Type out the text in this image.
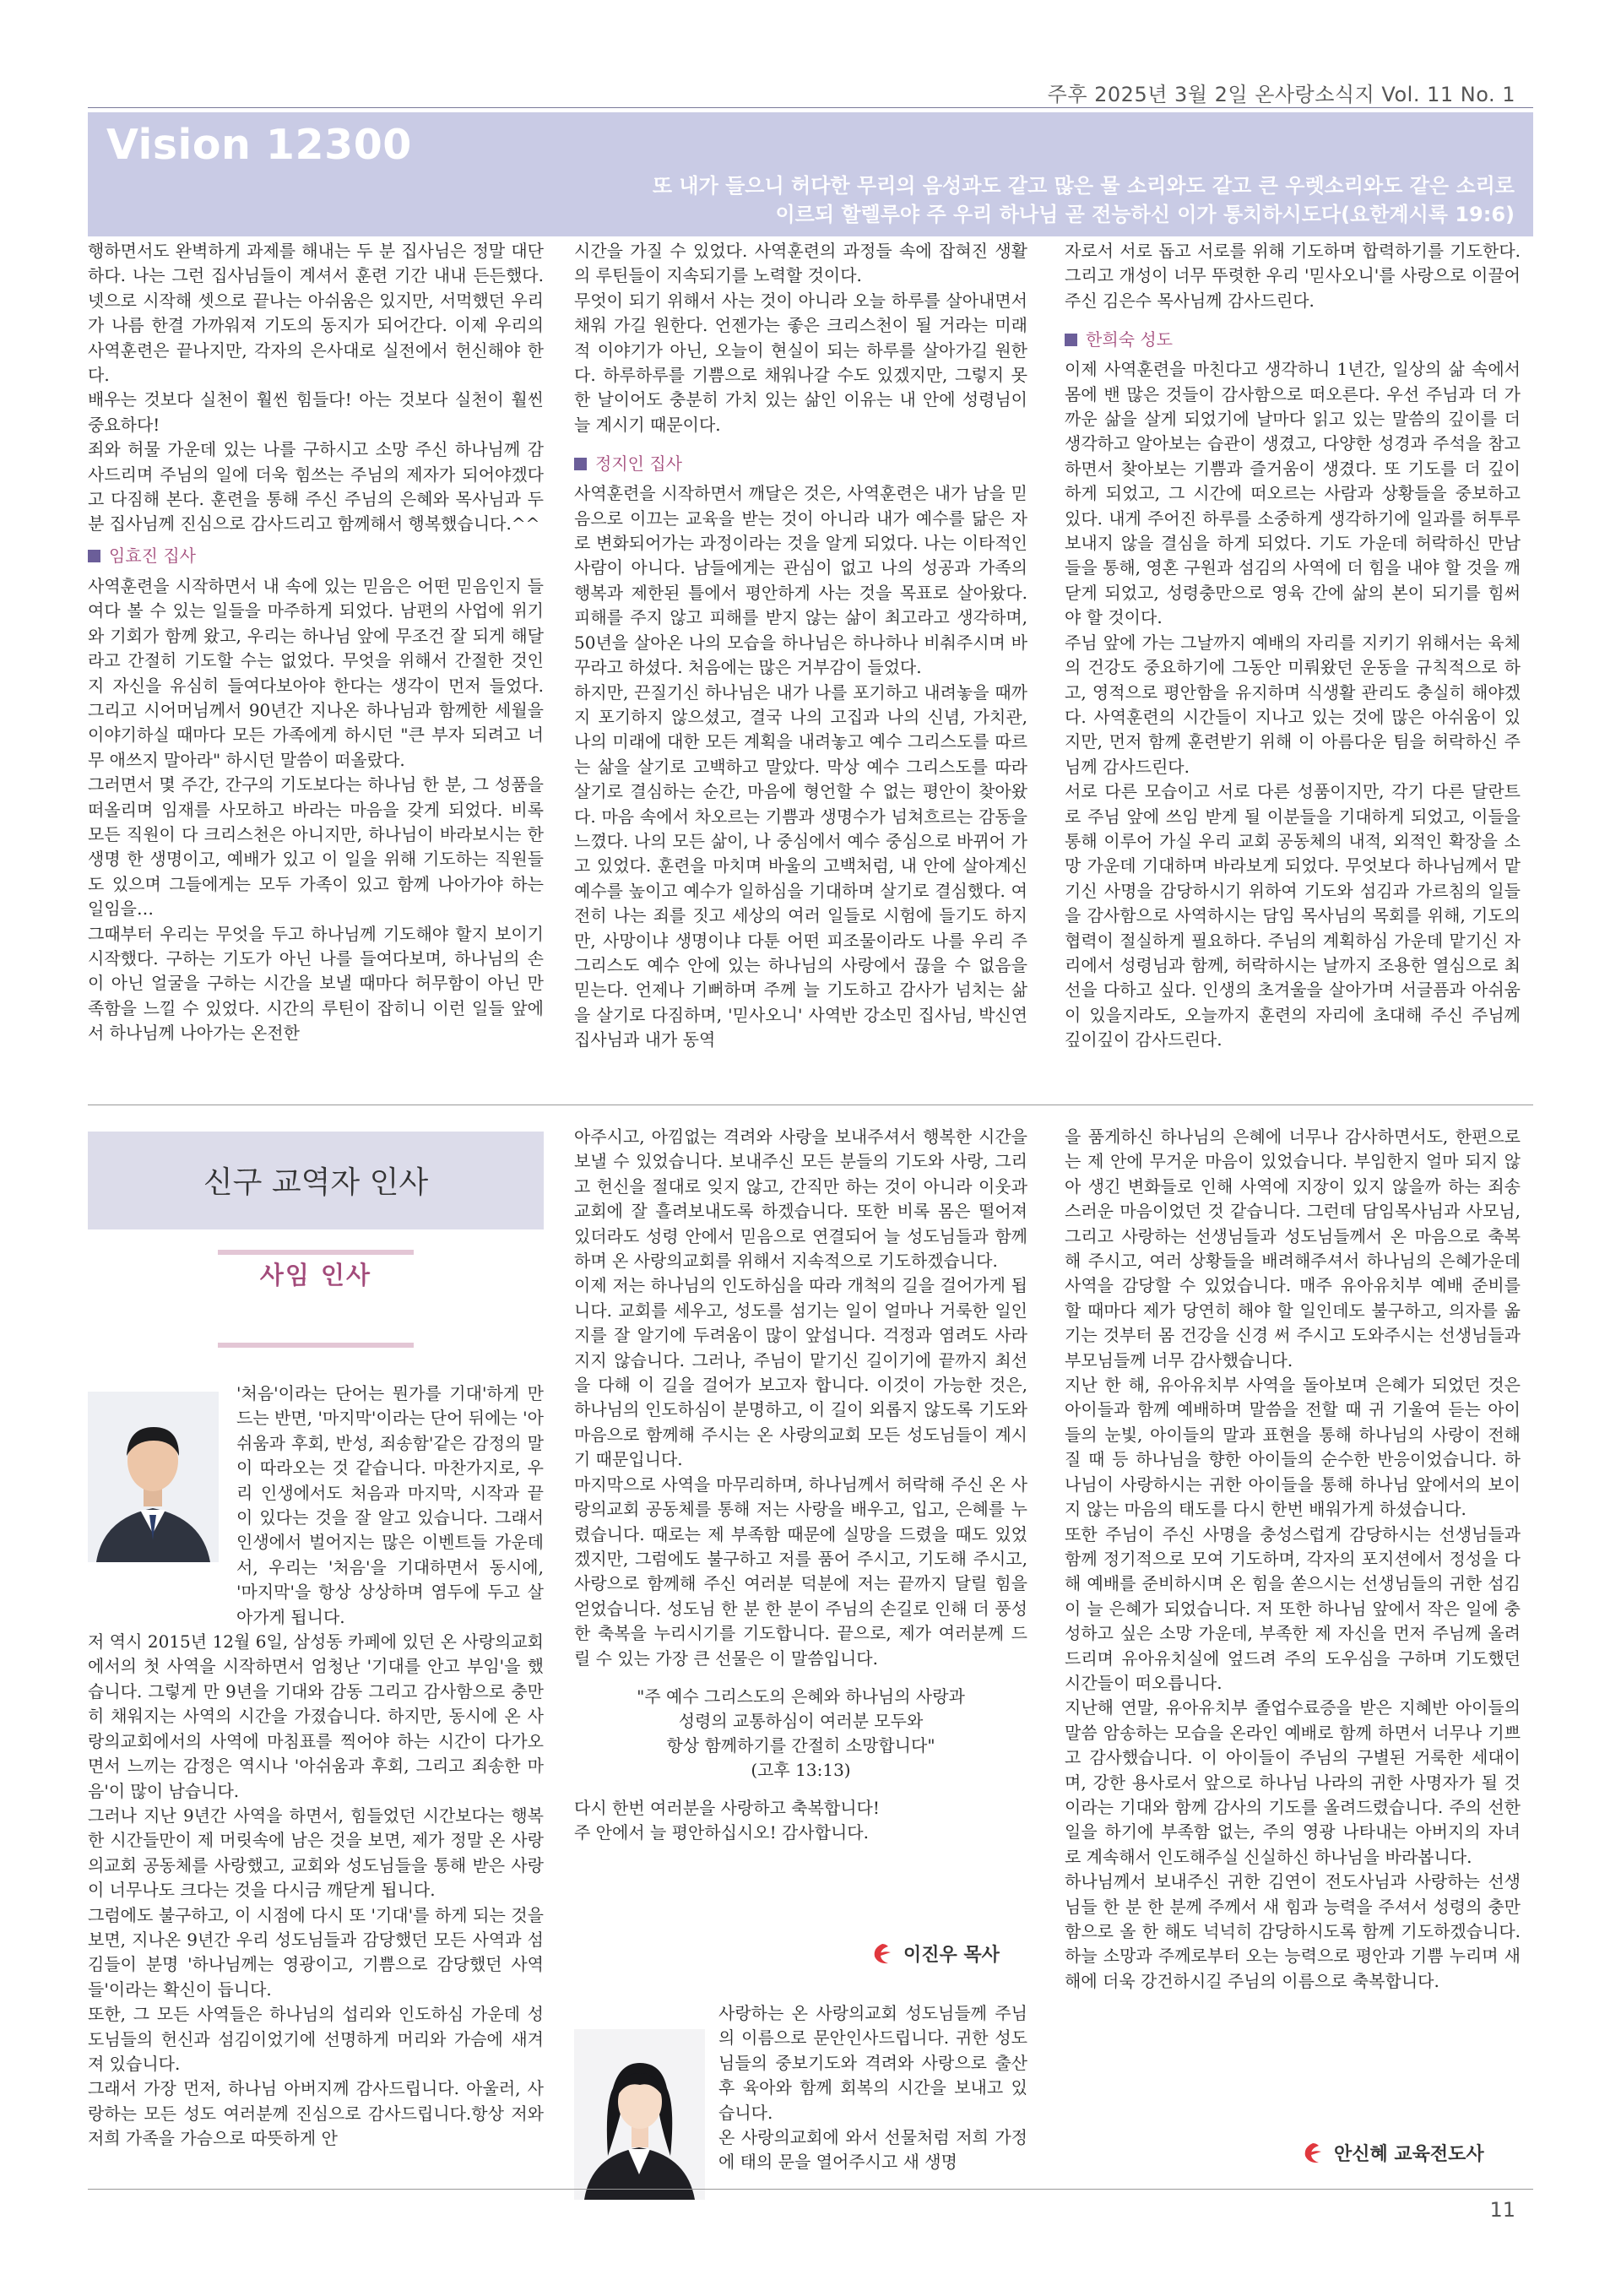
주후 2025년 3월 2일 온사랑소식지 Vol. 11 No. 1
Vision 12300
또 내가 들으니 허다한 무리의 음성과도 같고 많은 물 소리와도 같고 큰 우렛소리와도 같은 소리로
이르되 할렐루야 주 우리 하나님 곧 전능하신 이가 통치하시도다(요한계시록 19:6)

행하면서도 완벽하게 과제를 해내는 두 분 집사님은 정말 대단하다. 나는 그런 집사님들이 계셔서 훈련 기간 내내 든든했다. 넷으로 시작해 셋으로 끝나는 아쉬움은 있지만, 서먹했던 우리가 나름 한결 가까워져 기도의 동지가 되어간다. 이제 우리의 사역훈련은 끝나지만, 각자의 은사대로 실전에서 헌신해야 한다.

배우는 것보다 실천이 훨씬 힘들다! 아는 것보다 실천이 훨씬 중요하다!

죄와 허물 가운데 있는 나를 구하시고 소망 주신 하나님께 감사드리며 주님의 일에 더욱 힘쓰는 주님의 제자가 되어야겠다고 다짐해 본다. 훈련을 통해 주신 주님의 은혜와 목사님과 두 분 집사님께 진심으로 감사드리고 함께해서 행복했습니다.^^

임효진 집사

사역훈련을 시작하면서 내 속에 있는 믿음은 어떤 믿음인지 들여다 볼 수 있는 일들을 마주하게 되었다. 남편의 사업에 위기와 기회가 함께 왔고, 우리는 하나님 앞에 무조건 잘 되게 해달라고 간절히 기도할 수는 없었다. 무엇을 위해서 간절한 것인지 자신을 유심히 들여다보아야 한다는 생각이 먼저 들었다. 그리고 시어머님께서 90년간 지나온 하나님과 함께한 세월을 이야기하실 때마다 모든 가족에게 하시던 "큰 부자 되려고 너무 애쓰지 말아라" 하시던 말씀이 떠올랐다.

그러면서 몇 주간, 간구의 기도보다는 하나님 한 분, 그 성품을 떠올리며 임재를 사모하고 바라는 마음을 갖게 되었다. 비록 모든 직원이 다 크리스천은 아니지만, 하나님이 바라보시는 한 생명 한 생명이고, 예배가 있고 이 일을 위해 기도하는 직원들도 있으며 그들에게는 모두 가족이 있고 함께 나아가야 하는 일임을…

그때부터 우리는 무엇을 두고 하나님께 기도해야 할지 보이기 시작했다. 구하는 기도가 아닌 나를 들여다보며, 하나님의 손이 아닌 얼굴을 구하는 시간을 보낼 때마다 허무함이 아닌 만족함을 느낄 수 있었다. 시간의 루틴이 잡히니 이런 일들 앞에서 하나님께 나아가는 온전한

시간을 가질 수 있었다. 사역훈련의 과정들 속에 잡혀진 생활의 루틴들이 지속되기를 노력할 것이다.

무엇이 되기 위해서 사는 것이 아니라 오늘 하루를 살아내면서 채워 가길 원한다. 언젠가는 좋은 크리스천이 될 거라는 미래적 이야기가 아닌, 오늘이 현실이 되는 하루를 살아가길 원한다. 하루하루를 기쁨으로 채워나갈 수도 있겠지만, 그렇지 못한 날이어도 충분히 가치 있는 삶인 이유는 내 안에 성령님이 늘 계시기 때문이다.

정지인 집사

사역훈련을 시작하면서 깨달은 것은, 사역훈련은 내가 남을 믿음으로 이끄는 교육을 받는 것이 아니라 내가 예수를 닮은 자로 변화되어가는 과정이라는 것을 알게 되었다. 나는 이타적인 사람이 아니다. 남들에게는 관심이 없고 나의 성공과 가족의 행복과 제한된 틀에서 평안하게 사는 것을 목표로 살아왔다. 피해를 주지 않고 피해를 받지 않는 삶이 최고라고 생각하며, 50년을 살아온 나의 모습을 하나님은 하나하나 비춰주시며 바꾸라고 하셨다. 처음에는 많은 거부감이 들었다.

하지만, 끈질기신 하나님은 내가 나를 포기하고 내려놓을 때까지 포기하지 않으셨고, 결국 나의 고집과 나의 신념, 가치관, 나의 미래에 대한 모든 계획을 내려놓고 예수 그리스도를 따르는 삶을 살기로 고백하고 말았다. 막상 예수 그리스도를 따라 살기로 결심하는 순간, 마음에 형언할 수 없는 평안이 찾아왔다. 마음 속에서 차오르는 기쁨과 생명수가 넘쳐흐르는 감동을 느꼈다. 나의 모든 삶이, 나 중심에서 예수 중심으로 바뀌어 가고 있었다. 훈련을 마치며 바울의 고백처럼, 내 안에 살아계신 예수를 높이고 예수가 일하심을 기대하며 살기로 결심했다. 여전히 나는 죄를 짓고 세상의 여러 일들로 시험에 들기도 하지만, 사망이냐 생명이냐 다툰 어떤 피조물이라도 나를 우리 주 그리스도 예수 안에 있는 하나님의 사랑에서 끊을 수 없음을 믿는다. 언제나 기뻐하며 주께 늘 기도하고 감사가 넘치는 삶을 살기로 다짐하며, '믿사오니' 사역반 강소민 집사님, 박신연 집사님과 내가 동역

자로서 서로 돕고 서로를 위해 기도하며 합력하기를 기도한다. 그리고 개성이 너무 뚜렷한 우리 '믿사오니'를 사랑으로 이끌어 주신 김은수 목사님께 감사드린다.

한희숙 성도

이제 사역훈련을 마친다고 생각하니 1년간, 일상의 삶 속에서 몸에 밴 많은 것들이 감사함으로 떠오른다. 우선 주님과 더 가까운 삶을 살게 되었기에 날마다 읽고 있는 말씀의 깊이를 더 생각하고 알아보는 습관이 생겼고, 다양한 성경과 주석을 참고하면서 찾아보는 기쁨과 즐거움이 생겼다. 또 기도를 더 깊이 하게 되었고, 그 시간에 떠오르는 사람과 상황들을 중보하고 있다. 내게 주어진 하루를 소중하게 생각하기에 일과를 허투루 보내지 않을 결심을 하게 되었다. 기도 가운데 허락하신 만남들을 통해, 영혼 구원과 섬김의 사역에 더 힘을 내야 할 것을 깨닫게 되었고, 성령충만으로 영육 간에 삶의 본이 되기를 힘써야 할 것이다.

주님 앞에 가는 그날까지 예배의 자리를 지키기 위해서는 육체의 건강도 중요하기에 그동안 미뤄왔던 운동을 규칙적으로 하고, 영적으로 평안함을 유지하며 식생활 관리도 충실히 해야겠다. 사역훈련의 시간들이 지나고 있는 것에 많은 아쉬움이 있지만, 먼저 함께 훈련받기 위해 이 아름다운 팀을 허락하신 주님께 감사드린다.

서로 다른 모습이고 서로 다른 성품이지만, 각기 다른 달란트로 주님 앞에 쓰임 받게 될 이분들을 기대하게 되었고, 이들을 통해 이루어 가실 우리 교회 공동체의 내적, 외적인 확장을 소망 가운데 기대하며 바라보게 되었다. 무엇보다 하나님께서 맡기신 사명을 감당하시기 위하여 기도와 섬김과 가르침의 일들을 감사함으로 사역하시는 담임 목사님의 목회를 위해, 기도의 협력이 절실하게 필요하다. 주님의 계획하심 가운데 맡기신 자리에서 성령님과 함께, 허락하시는 날까지 조용한 열심으로 최선을 다하고 싶다. 인생의 초겨울을 살아가며 서글픔과 아쉬움이 있을지라도, 오늘까지 훈련의 자리에 초대해 주신 주님께 깊이깊이 감사드린다.

신구 교역자 인사
사임 인사

'처음'이라는 단어는 뭔가를 기대'하게 만드는 반면, '마지막'이라는 단어 뒤에는 '아쉬움과 후회, 반성, 죄송함'같은 감정의 말이 따라오는 것 같습니다. 마찬가지로, 우리 인생에서도 처음과 마지막, 시작과 끝이 있다는 것을 잘 알고 있습니다. 그래서 인생에서 벌어지는 많은 이벤트들 가운데서, 우리는 '처음'을 기대하면서 동시에, '마지막'을 항상 상상하며 염두에 두고 살아가게 됩니다.

저 역시 2015년 12월 6일, 삼성동 카페에 있던 온 사랑의교회에서의 첫 사역을 시작하면서 엄청난 '기대를 안고 부임'을 했습니다. 그렇게 만 9년을 기대와 감동 그리고 감사함으로 충만히 채워지는 사역의 시간을 가졌습니다. 하지만, 동시에 온 사랑의교회에서의 사역에 마침표를 찍어야 하는 시간이 다가오면서 느끼는 감정은 역시나 '아쉬움과 후회, 그리고 죄송한 마음'이 많이 남습니다.

그러나 지난 9년간 사역을 하면서, 힘들었던 시간보다는 행복한 시간들만이 제 머릿속에 남은 것을 보면, 제가 정말 온 사랑의교회 공동체를 사랑했고, 교회와 성도님들을 통해 받은 사랑이 너무나도 크다는 것을 다시금 깨닫게 됩니다.

그럼에도 불구하고, 이 시점에 다시 또 '기대'를 하게 되는 것을 보면, 지나온 9년간 우리 성도님들과 감당했던 모든 사역과 섬김들이 분명 '하나님께는 영광이고, 기쁨으로 감당했던 사역들'이라는 확신이 듭니다.

또한, 그 모든 사역들은 하나님의 섭리와 인도하심 가운데 성도님들의 헌신과 섬김이었기에 선명하게 머리와 가슴에 새겨져 있습니다.

그래서 가장 먼저, 하나님 아버지께 감사드립니다. 아울러, 사랑하는 모든 성도 여러분께 진심으로 감사드립니다.항상 저와 저희 가족을 가슴으로 따뜻하게 안

아주시고, 아낌없는 격려와 사랑을 보내주셔서 행복한 시간을 보낼 수 있었습니다. 보내주신 모든 분들의 기도와 사랑, 그리고 헌신을 절대로 잊지 않고, 간직만 하는 것이 아니라 이웃과 교회에 잘 흘려보내도록 하겠습니다. 또한 비록 몸은 떨어져 있더라도 성령 안에서 믿음으로 연결되어 늘 성도님들과 함께 하며 온 사랑의교회를 위해서 지속적으로 기도하겠습니다.

이제 저는 하나님의 인도하심을 따라 개척의 길을 걸어가게 됩니다. 교회를 세우고, 성도를 섬기는 일이 얼마나 거룩한 일인지를 잘 알기에 두려움이 많이 앞섭니다. 걱정과 염려도 사라지지 않습니다. 그러나, 주님이 맡기신 길이기에 끝까지 최선을 다해 이 길을 걸어가 보고자 합니다. 이것이 가능한 것은, 하나님의 인도하심이 분명하고, 이 길이 외롭지 않도록 기도와 마음으로 함께해 주시는 온 사랑의교회 모든 성도님들이 계시기 때문입니다.

마지막으로 사역을 마무리하며, 하나님께서 허락해 주신 온 사랑의교회 공동체를 통해 저는 사랑을 배우고, 입고, 은혜를 누렸습니다. 때로는 제 부족함 때문에 실망을 드렸을 때도 있었겠지만, 그럼에도 불구하고 저를 품어 주시고, 기도해 주시고, 사랑으로 함께해 주신 여러분 덕분에 저는 끝까지 달릴 힘을 얻었습니다. 성도님 한 분 한 분이 주님의 손길로 인해 더 풍성한 축복을 누리시기를 기도합니다. 끝으로, 제가 여러분께 드릴 수 있는 가장 큰 선물은 이 말씀입니다.

"주 예수 그리스도의 은혜와 하나님의 사랑과
성령의 교통하심이 여러분 모두와
항상 함께하기를 간절히 소망합니다"
(고후 13:13)

다시 한번 여러분을 사랑하고 축복합니다!

주 안에서 늘 평안하십시오! 감사합니다.

이진우 목사

사랑하는 온 사랑의교회 성도님들께 주님의 이름으로 문안인사드립니다. 귀한 성도님들의 중보기도와 격려와 사랑으로 출산 후 육아와 함께 회복의 시간을 보내고 있습니다.

온 사랑의교회에 와서 선물처럼 저희 가정에 태의 문을 열어주시고 새 생명

을 품게하신 하나님의 은혜에 너무나 감사하면서도, 한편으로는 제 안에 무거운 마음이 있었습니다. 부임한지 얼마 되지 않아 생긴 변화들로 인해 사역에 지장이 있지 않을까 하는 죄송스러운 마음이었던 것 같습니다. 그런데 담임목사님과 사모님, 그리고 사랑하는 선생님들과 성도님들께서 온 마음으로 축복해 주시고, 여러 상황들을 배려해주셔서 하나님의 은혜가운데 사역을 감당할 수 있었습니다. 매주 유아유치부 예배 준비를 할 때마다 제가 당연히 해야 할 일인데도 불구하고, 의자를 옮기는 것부터 몸 건강을 신경 써 주시고 도와주시는 선생님들과 부모님들께 너무 감사했습니다.

지난 한 해, 유아유치부 사역을 돌아보며 은혜가 되었던 것은 아이들과 함께 예배하며 말씀을 전할 때 귀 기울여 듣는 아이들의 눈빛, 아이들의 말과 표현을 통해 하나님의 사랑이 전해질 때 등 하나님을 향한 아이들의 순수한 반응이었습니다. 하나님이 사랑하시는 귀한 아이들을 통해 하나님 앞에서의 보이지 않는 마음의 태도를 다시 한번 배워가게 하셨습니다.

또한 주님이 주신 사명을 충성스럽게 감당하시는 선생님들과 함께 정기적으로 모여 기도하며, 각자의 포지션에서 정성을 다해 예배를 준비하시며 온 힘을 쏟으시는 선생님들의 귀한 섬김이 늘 은혜가 되었습니다. 저 또한 하나님 앞에서 작은 일에 충성하고 싶은 소망 가운데, 부족한 제 자신을 먼저 주님께 올려드리며 유아유치실에 엎드려 주의 도우심을 구하며 기도했던 시간들이 떠오릅니다.

지난해 연말, 유아유치부 졸업수료증을 받은 지혜반 아이들의 말씀 암송하는 모습을 온라인 예배로 함께 하면서 너무나 기쁘고 감사했습니다. 이 아이들이 주님의 구별된 거룩한 세대이며, 강한 용사로서 앞으로 하나님 나라의 귀한 사명자가 될 것이라는 기대와 함께 감사의 기도를 올려드렸습니다. 주의 선한 일을 하기에 부족함 없는, 주의 영광 나타내는 아버지의 자녀로 계속해서 인도해주실 신실하신 하나님을 바라봅니다.

하나님께서 보내주신 귀한 김연이 전도사님과 사랑하는 선생님들 한 분 한 분께 주께서 새 힘과 능력을 주셔서 성령의 충만함으로 올 한 해도 넉넉히 감당하시도록 함께 기도하겠습니다. 하늘 소망과 주께로부터 오는 능력으로 평안과 기쁨 누리며 새해에 더욱 강건하시길 주님의 이름으로 축복합니다.

안신혜 교육전도사
11
